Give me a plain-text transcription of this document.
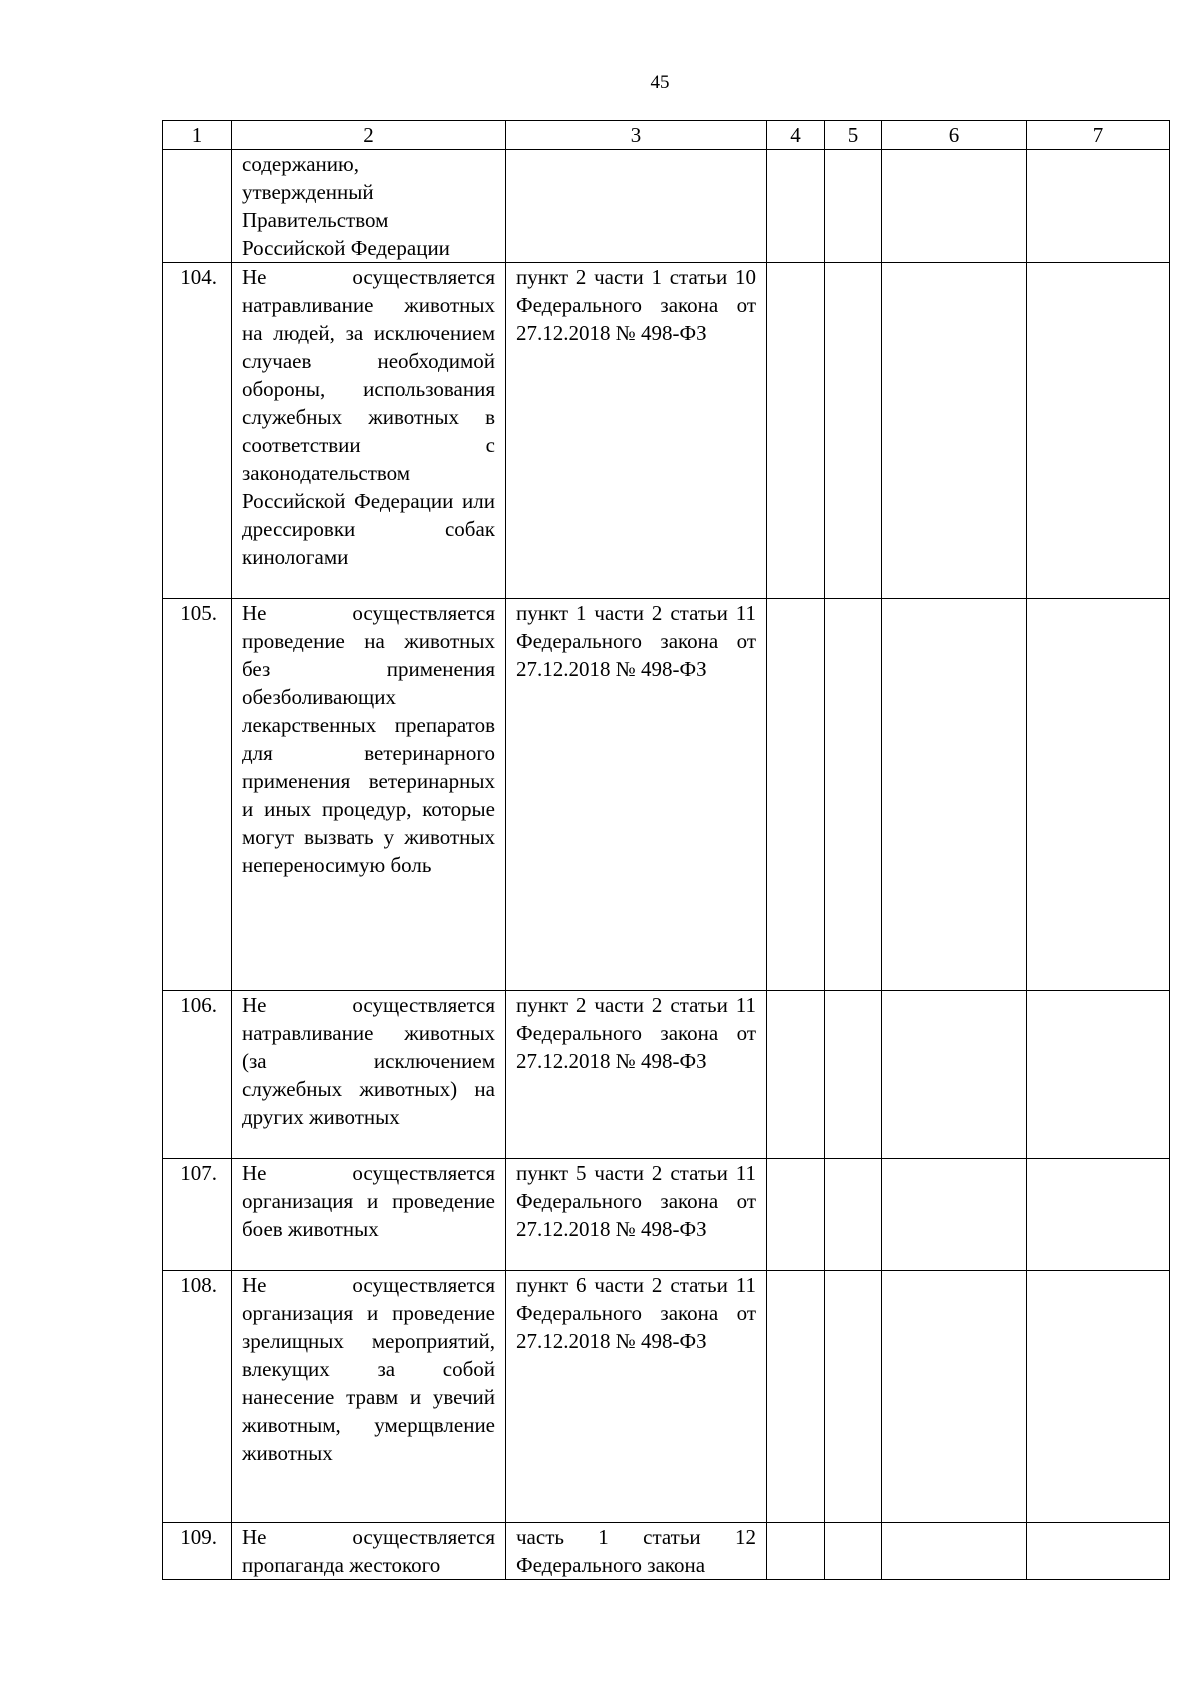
45
1	2	3	4	5	6	7
	содержанию, утвержденный Правительством Российской Федерации					
104.	Не осуществляется натравливание животных на людей, за исключением случаев необходимой обороны, использования служебных животных в соответствии с законодательством Российской Федерации или дрессировки собак кинологами	пункт 2 части 1 статьи 10 Федерального закона от 27.12.2018 № 498-ФЗ				
105.	Не осуществляется проведение на животных без применения обезболивающих лекарственных препаратов для ветеринарного применения ветеринарных и иных процедур, которые могут вызвать у животных непереносимую боль	пункт 1 части 2 статьи 11 Федерального закона от 27.12.2018 № 498-ФЗ				
106.	Не осуществляется натравливание животных (за исключением служебных животных) на других животных	пункт 2 части 2 статьи 11 Федерального закона от 27.12.2018 № 498-ФЗ				
107.	Не осуществляется организация и проведение боев животных	пункт 5 части 2 статьи 11 Федерального закона от 27.12.2018 № 498-ФЗ				
108.	Не осуществляется организация и проведение зрелищных мероприятий, влекущих за собой нанесение травм и увечий животным, умерщвление животных	пункт 6 части 2 статьи 11 Федерального закона от 27.12.2018 № 498-ФЗ				
109.	Не осуществляется пропаганда жестокого	часть 1 статьи 12 Федерального закона				
